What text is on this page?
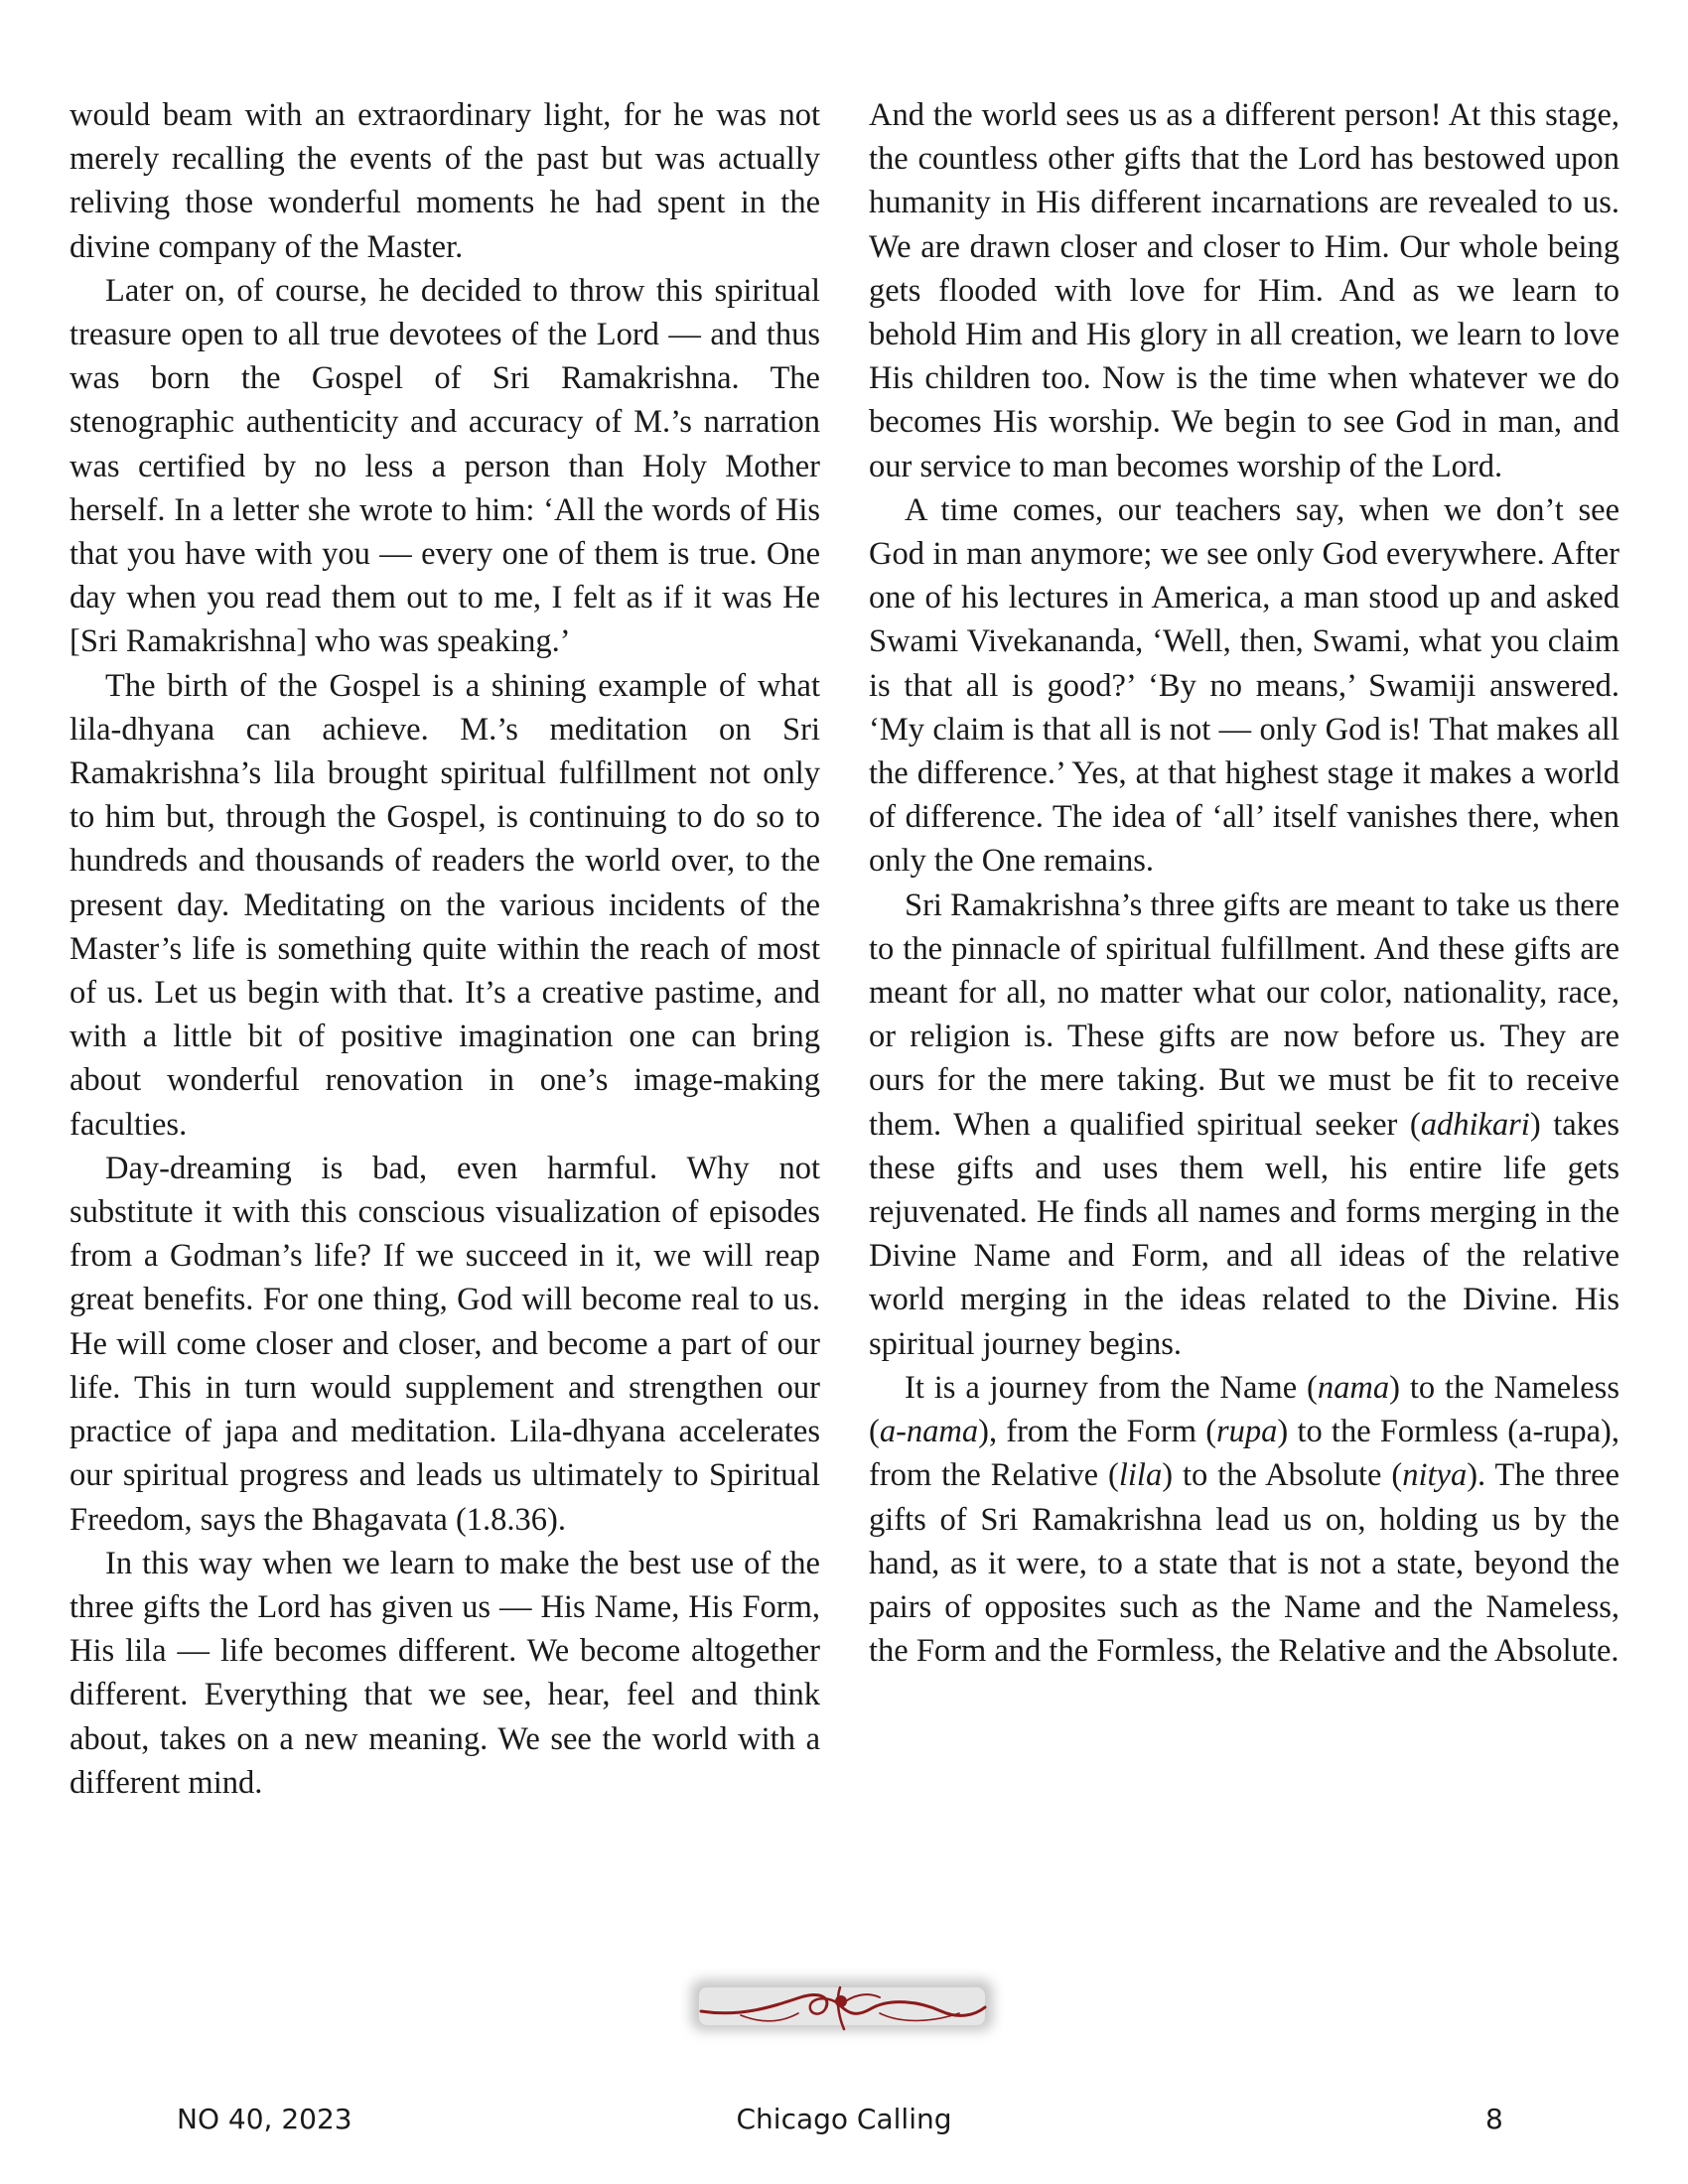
would beam with an extraordinary light, for he was not merely recalling the events of the past but was actually reliving those wonderful moments he had spent in the divine company of the Master.

Later on, of course, he decided to throw this spiritual treasure open to all true devotees of the Lord — and thus was born the Gospel of Sri Ramakrishna. The stenographic authenticity and accuracy of M.’s narration was certified by no less a person than Holy Mother herself. In a letter she wrote to him: ‘All the words of His that you have with you — every one of them is true. One day when you read them out to me, I felt as if it was He [Sri Ramakrishna] who was speaking.’

The birth of the Gospel is a shining example of what lila-dhyana can achieve. M.’s meditation on Sri Ramakrishna’s lila brought spiritual fulfillment not only to him but, through the Gospel, is continuing to do so to hundreds and thousands of readers the world over, to the present day. Meditating on the various incidents of the Master’s life is something quite within the reach of most of us. Let us begin with that. It’s a creative pastime, and with a little bit of positive imagination one can bring about wonderful renovation in one’s image-making faculties.

Day-dreaming is bad, even harmful. Why not substitute it with this conscious visualization of episodes from a Godman’s life? If we succeed in it, we will reap great benefits. For one thing, God will become real to us. He will come closer and closer, and become a part of our life. This in turn would supplement and strengthen our practice of japa and meditation. Lila-dhyana accelerates our spiritual progress and leads us ultimately to Spiritual Freedom, says the Bhagavata (1.8.36).

In this way when we learn to make the best use of the three gifts the Lord has given us — His Name, His Form, His lila — life becomes different. We become altogether different. Everything that we see, hear, feel and think about, takes on a new meaning. We see the world with a different mind.

And the world sees us as a different person! At this stage, the countless other gifts that the Lord has bestowed upon humanity in His different incarnations are revealed to us. We are drawn closer and closer to Him. Our whole being gets flooded with love for Him. And as we learn to behold Him and His glory in all creation, we learn to love His children too. Now is the time when whatever we do becomes His worship. We begin to see God in man, and our service to man becomes worship of the Lord.

A time comes, our teachers say, when we don’t see God in man anymore; we see only God everywhere. After one of his lectures in America, a man stood up and asked Swami Vivekananda, ‘Well, then, Swami, what you claim is that all is good?’ ‘By no means,’ Swamiji answered. ‘My claim is that all is not — only God is! That makes all the difference.’ Yes, at that highest stage it makes a world of difference. The idea of ‘all’ itself vanishes there, when only the One remains.

Sri Ramakrishna’s three gifts are meant to take us there to the pinnacle of spiritual fulfillment. And these gifts are meant for all, no matter what our color, nationality, race, or religion is. These gifts are now before us. They are ours for the mere taking. But we must be fit to receive them. When a qualified spiritual seeker (adhikari) takes these gifts and uses them well, his entire life gets rejuvenated. He finds all names and forms merging in the Divine Name and Form, and all ideas of the relative world merging in the ideas related to the Divine. His spiritual journey begins.

It is a journey from the Name (nama) to the Nameless (a-nama), from the Form (rupa) to the Formless (a-rupa), from the Relative (lila) to the Absolute (nitya). The three gifts of Sri Ramakrishna lead us on, holding us by the hand, as it were, to a state that is not a state, beyond the pairs of opposites such as the Name and the Nameless, the Form and the Formless, the Relative and the Absolute.

NO 40, 2023	Chicago Calling	8
